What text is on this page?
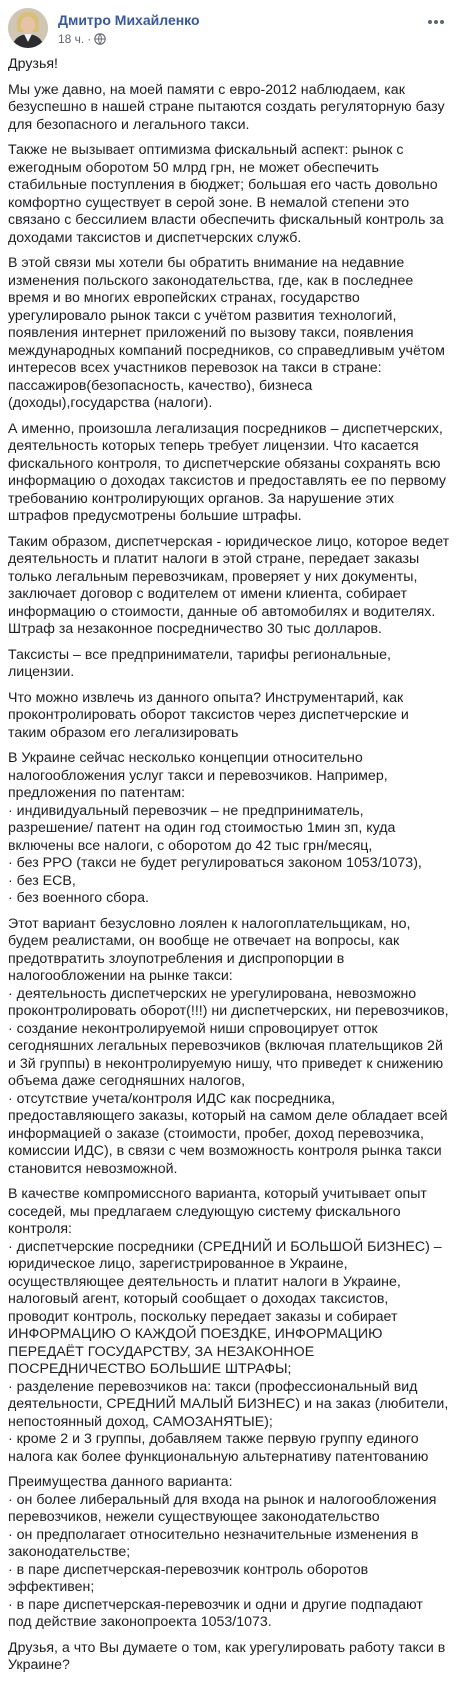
Дмитро Михайленко
18 ч. ·

Друзья!

Мы уже давно, на моей памяти с евро-2012 наблюдаем, как безуспешно в нашей стране пытаются создать регуляторную базу для безопасного и легального такси.

Также не вызывает оптимизма фискальный аспект: рынок с ежегодным оборотом 50 млрд грн, не может обеспечить стабильные поступления в бюджет; большая его часть довольно комфортно существует в серой зоне. В немалой степени это связано с бессилием власти обеспечить фискальный контроль за доходами таксистов и диспетчерских служб.

В этой связи мы хотели бы обратить внимание на недавние изменения польского законодательства, где, как в последнее время и во многих европейских странах, государство урегулировало рынок такси с учётом развития технологий, появления интернет приложений по вызову такси, появления международных компаний посредников, со справедливым учётом интересов всех участников перевозок на такси в стране: пассажиров(безопасность, качество), бизнеса (доходы),государства (налоги).

А именно, произошла легализация посредников – диспетчерских, деятельность которых теперь требует лицензии. Что касается фискального контроля, то диспетчерские обязаны сохранять всю информацию о доходах таксистов и предоставлять ее по первому требованию контролирующих органов. За нарушение этих штрафов предусмотрены большие штрафы.

Таким образом, диспетчерская - юридическое лицо, которое ведет деятельность и платит налоги в этой стране, передает заказы только легальным перевозчикам, проверяет у них документы, заключает договор с водителем от имени клиента, собирает информацию о стоимости, данные об автомобилях и водителях. Штраф за незаконное посредничество 30 тыс долларов.

Таксисты – все предприниматели, тарифы региональные, лицензии.

Что можно извлечь из данного опыта? Инструментарий, как проконтролировать оборот таксистов через диспетчерские и таким образом его легализировать

В Украине сейчас несколько концепции относительно налогообложения услуг такси и перевозчиков. Например, предложения по патентам:
· индивидуальный перевозчик – не предприниматель, разрешение/ патент на один год стоимостью 1мин зп, куда включены все налоги, с оборотом до 42 тыс грн/месяц,
· без РРО (такси не будет регулироваться законом 1053/1073),
· без ЕСВ,
· без военного сбора.

Этот вариант безусловно лоялен к налогоплательщикам, но, будем реалистами, он вообще не отвечает на вопросы, как предотвратить злоупотребления и диспропорции в налогообложении на рынке такси:
· деятельность диспетчерских не урегулирована, невозможно проконтролировать оборот(!!!) ни диспетчерских, ни перевозчиков,
· создание неконтролируемой ниши спровоцирует отток сегодняшних легальных перевозчиков (включая плательщиков 2й и 3й группы) в неконтролируемую нишу, что приведет к снижению объема даже сегодняшних налогов,
· отсутствие учета/контроля ИДС как посредника, предоставляющего заказы, который на самом деле обладает всей информацией о заказе (стоимости, пробег, доход перевозчика, комиссии ИДС), в связи с чем возможность контроля рынка такси становится невозможной.

В качестве компромиссного варианта, который учитывает опыт соседей, мы предлагаем следующую систему фискального контроля:
· диспетчерские посредники (СРЕДНИЙ И БОЛЬШОЙ БИЗНЕС) – юридическое лицо, зарегистрированное в Украине, осуществляющее деятельность и платит налоги в Украине, налоговый агент, который сообщает о доходах таксистов, проводит контроль, поскольку передает заказы и собирает ИНФОРМАЦИЮ О КАЖДОЙ ПОЕЗДКЕ, ИНФОРМАЦИЮ ПЕРЕДАЁТ ГОСУДАРСТВУ, ЗА НЕЗАКОННОЕ ПОСРЕДНИЧЕСТВО БОЛЬШИЕ ШТРАФЫ;
· разделение перевозчиков на: такси (профессиональный вид деятельности, СРЕДНИЙ МАЛЫЙ БИЗНЕС) и на заказ (любители, непостоянный доход, САМОЗАНЯТЫЕ);
· кроме 2 и 3 группы, добавляем также первую группу единого налога как более функциональную альтернативу патентованию

Преимущества данного варианта:
· он более либеральный для входа на рынок и налогообложения перевозчиков, нежели существующее законодательство
· он предполагает относительно незначительные изменения в законодательстве;
· в паре диспетчерская-перевозчик контроль оборотов эффективен;
· в паре диспетчерская-перевозчик и одни и другие подпадают под действие законопроекта 1053/1073.

Друзья, а что Вы думаете о том, как урегулировать работу такси в Украине?
